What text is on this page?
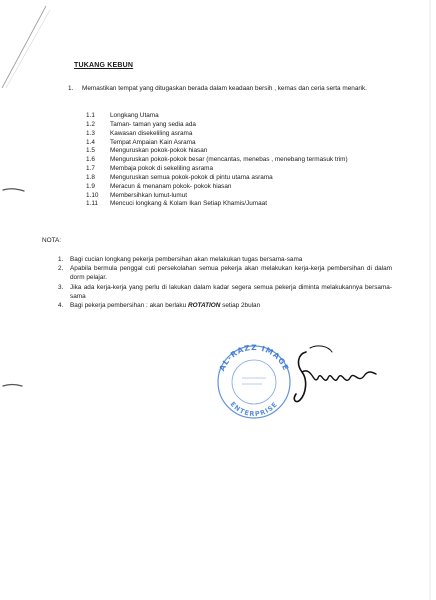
TUKANG KEBUN
1.	Memastikan tempat yang ditugaskan berada dalam keadaan bersih , kemas dan ceria serta menarik.
1.1	Longkang Utama
1.2	Taman- taman yang sedia ada
1.3	Kawasan disekeliling asrama
1.4	Tempat Ampaian Kain Asrama
1.5	Menguruskan pokok-pokok hiasan
1.6	Menguruskan pokok-pokok besar (mencantas, menebas , menebang termasuk trim)
1.7	Membaja pokok di sekeliling asrama
1.8	Menguruskan semua pokok-pokok di pintu utama asrama
1.9	Meracun & menanam pokok- pokok hiasan
1.10	Membersihkan lumut-lumut
1.11	Mencuci longkang & Kolam Ikan Setiap Khamis/Jumaat
NOTA:
1.	Bagi cucian longkang pekerja pembersihan akan melakukan tugas bersama-sama
2.	Apabila bermula penggal cuti persekolahan semua pekerja akan melakukan kerja-kerja pembersihan di dalam dorm pelajar.
3.	Jika ada kerja-kerja yang perlu di lakukan dalam kadar segera semua pekerja diminta melakukannya bersama-sama
4.	Bagi pekerja pembersihan : akan berlaku ROTATION setiap 2bulan
AL-RAZZ IMAGE
ENTERPRISE
